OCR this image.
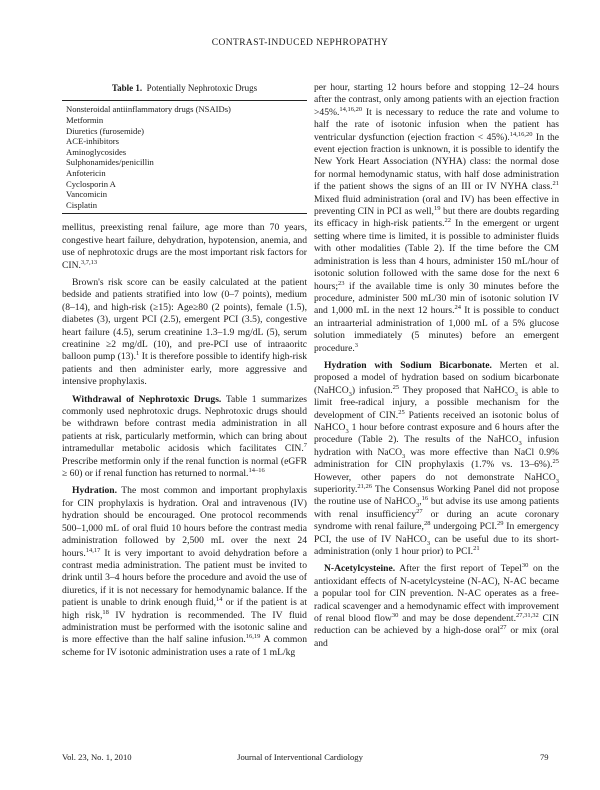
CONTRAST-INDUCED NEPHROPATHY
Table 1. Potentially Nephrotoxic Drugs
Nonsteroidal antiinflammatory drugs (NSAIDs)
Metformin
Diuretics (furosemide)
ACE-inhibitors
Aminoglycosides
Sulphonamides/penicillin
Anfotericin
Cyclosporin A
Vancomicin
Cisplatin

mellitus, preexisting renal failure, age more than 70 years, congestive heart failure, dehydration, hypotension, anemia, and use of nephrotoxic drugs are the most important risk factors for CIN.$^{3,7,13}$

Brown's risk score can be easily calculated at the patient bedside and patients stratified into low (0–7 points), medium (8–14), and high-risk (≥15): Age≥80 (2 points), female (1.5), diabetes (3), urgent PCI (2.5), emergent PCI (3.5), congestive heart failure (4.5), serum creatinine 1.3–1.9 mg/dL (5), serum creatinine ≥2 mg/dL (10), and pre-PCI use of intraaoritc balloon pump (13).$^1$ It is therefore possible to identify high-risk patients and then administer early, more aggressive and intensive prophylaxis.

Withdrawal of Nephrotoxic Drugs. Table 1 summarizes commonly used nephrotoxic drugs. Nephrotoxic drugs should be withdrawn before contrast media administration in all patients at risk, particularly metformin, which can bring about intramedullar metabolic acidosis which facilitates CIN.$^7$ Prescribe metformin only if the renal function is normal (eGFR ≥ 60) or if renal function has returned to normal.$^{14-16}$

Hydration. The most common and important prophylaxis for CIN prophylaxis is hydration. Oral and intravenous (IV) hydration should be encouraged. One protocol recommends 500–1,000 mL of oral fluid 10 hours before the contrast media administration followed by 2,500 mL over the next 24 hours.$^{14,17}$ It is very important to avoid dehydration before a contrast media administration. The patient must be invited to drink until 3–4 hours before the procedure and avoid the use of diuretics, if it is not necessary for hemodynamic balance. If the patient is unable to drink enough fluid,$^{14}$ or if the patient is at high risk,$^{18}$ IV hydration is recommended. The IV fluid administration must be performed with the isotonic saline and is more effective than the half saline infusion.$^{16,19}$ A common scheme for IV isotonic administration uses a rate of 1 mL/kg

per hour, starting 12 hours before and stopping 12–24 hours after the contrast, only among patients with an ejection fraction >45%.$^{14,16,20}$ It is necessary to reduce the rate and volume to half the rate of isotonic infusion when the patient has ventricular dysfunction (ejection fraction < 45%).$^{14,16,20}$ In the event ejection fraction is unknown, it is possible to identify the New York Heart Association (NYHA) class: the normal dose for normal hemodynamic status, with half dose administration if the patient shows the signs of an III or IV NYHA class.$^{21}$ Mixed fluid administration (oral and IV) has been effective in preventing CIN in PCI as well,$^{19}$ but there are doubts regarding its efficacy in high-risk patients.$^{22}$ In the emergent or urgent setting where time is limited, it is possible to administer fluids with other modalities (Table 2). If the time before the CM administration is less than 4 hours, administer 150 mL/hour of isotonic solution followed with the same dose for the next 6 hours;$^{23}$ if the available time is only 30 minutes before the procedure, administer 500 mL/30 min of isotonic solution IV and 1,000 mL in the next 12 hours.$^{24}$ It is possible to conduct an intraarterial administration of 1,000 mL of a 5% glucose solution immediately (5 minutes) before an emergent procedure.$^3$

Hydration with Sodium Bicarbonate. Merten et al. proposed a model of hydration based on sodium bicarbonate (NaHCO$_3$) infusion.$^{25}$ They proposed that NaHCO$_3$ is able to limit free-radical injury, a possible mechanism for the development of CIN.$^{25}$ Patients received an isotonic bolus of NaHCO$_3$ 1 hour before contrast exposure and 6 hours after the procedure (Table 2). The results of the NaHCO$_3$ infusion hydration with NaCO$_3$ was more effective than NaCl 0.9% administration for CIN prophylaxis (1.7% vs. 13–6%).$^{25}$ However, other papers do not demonstrate NaHCO$_3$ superiority.$^{21,26}$ The Consensus Working Panel did not propose the routine use of NaHCO$_3$,$^{16}$ but advise its use among patients with renal insufficiency$^{27}$ or during an acute coronary syndrome with renal failure,$^{28}$ undergoing PCI.$^{29}$ In emergency PCI, the use of IV NaHCO$_3$ can be useful due to its short-administration (only 1 hour prior) to PCI.$^{21}$

N-Acetylcysteine. After the first report of Tepel$^{30}$ on the antioxidant effects of N-acetylcysteine (N-AC), N-AC became a popular tool for CIN prevention. N-AC operates as a free-radical scavenger and a hemodynamic effect with improvement of renal blood flow$^{30}$ and may be dose dependent.$^{27,31,32}$ CIN reduction can be achieved by a high-dose oral$^{27}$ or mix (oral and

Vol. 23, No. 1, 2010	Journal of Interventional Cardiology	79
